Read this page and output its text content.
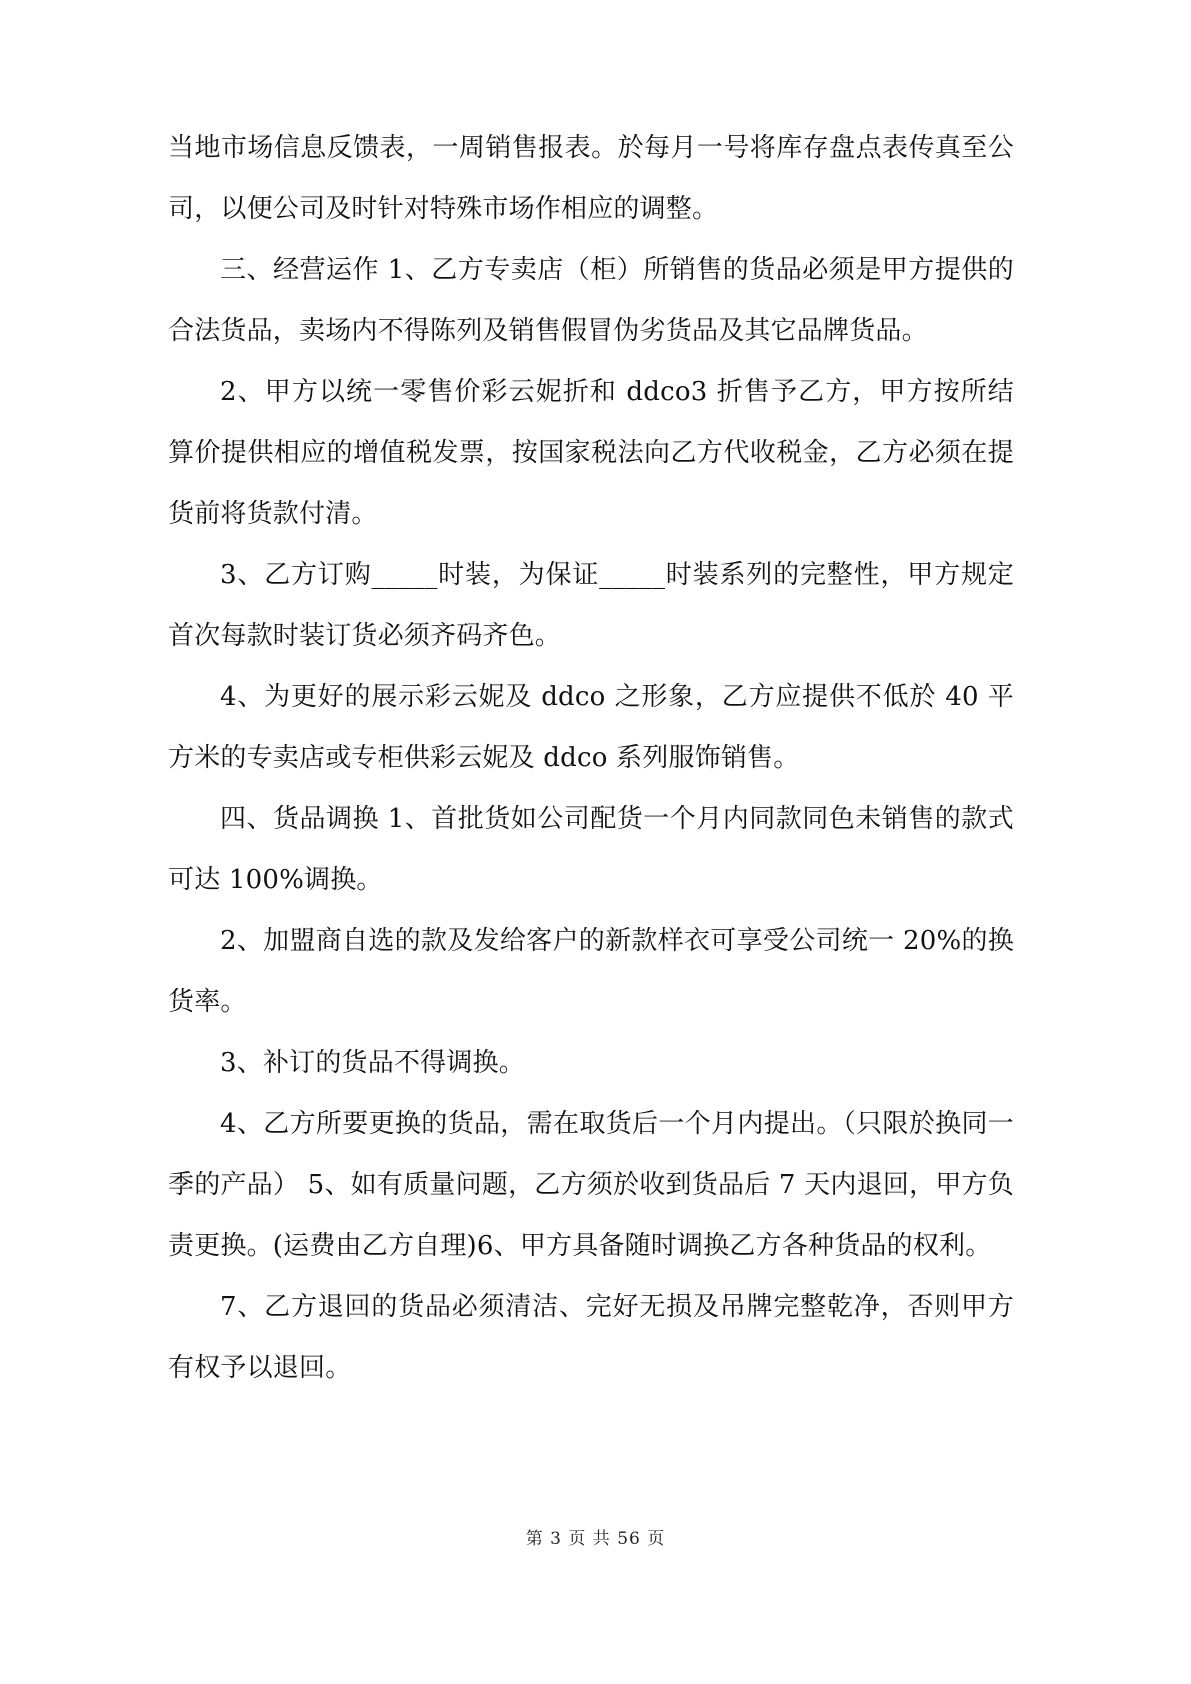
当地市场信息反馈表，一周销售报表。於每月一号将库存盘点表传真至公司，以便公司及时针对特殊市场作相应的调整。

三、经营运作 1、乙方专卖店（柜）所销售的货品必须是甲方提供的合法货品，卖场内不得陈列及销售假冒伪劣货品及其它品牌货品。

2、甲方以统一零售价彩云妮折和 ddco3 折售予乙方，甲方按所结算价提供相应的增值税发票，按国家税法向乙方代收税金，乙方必须在提货前将货款付清。

3、乙方订购_____时装，为保证_____时装系列的完整性，甲方规定首次每款时装订货必须齐码齐色。

4、为更好的展示彩云妮及 ddco 之形象，乙方应提供不低於 40 平方米的专卖店或专柜供彩云妮及 ddco 系列服饰销售。

四、货品调换 1、首批货如公司配货一个月内同款同色未销售的款式可达 100%调换。

2、加盟商自选的款及发给客户的新款样衣可享受公司统一 20%的换货率。

3、补订的货品不得调换。

4、乙方所要更换的货品，需在取货后一个月内提出。（只限於换同一季的产品） 5、如有质量问题，乙方须於收到货品后 7 天内退回，甲方负责更换。(运费由乙方自理)6、甲方具备随时调换乙方各种货品的权利。

7、乙方退回的货品必须清洁、完好无损及吊牌完整乾净，否则甲方有权予以退回。

第 3 页 共 56 页
